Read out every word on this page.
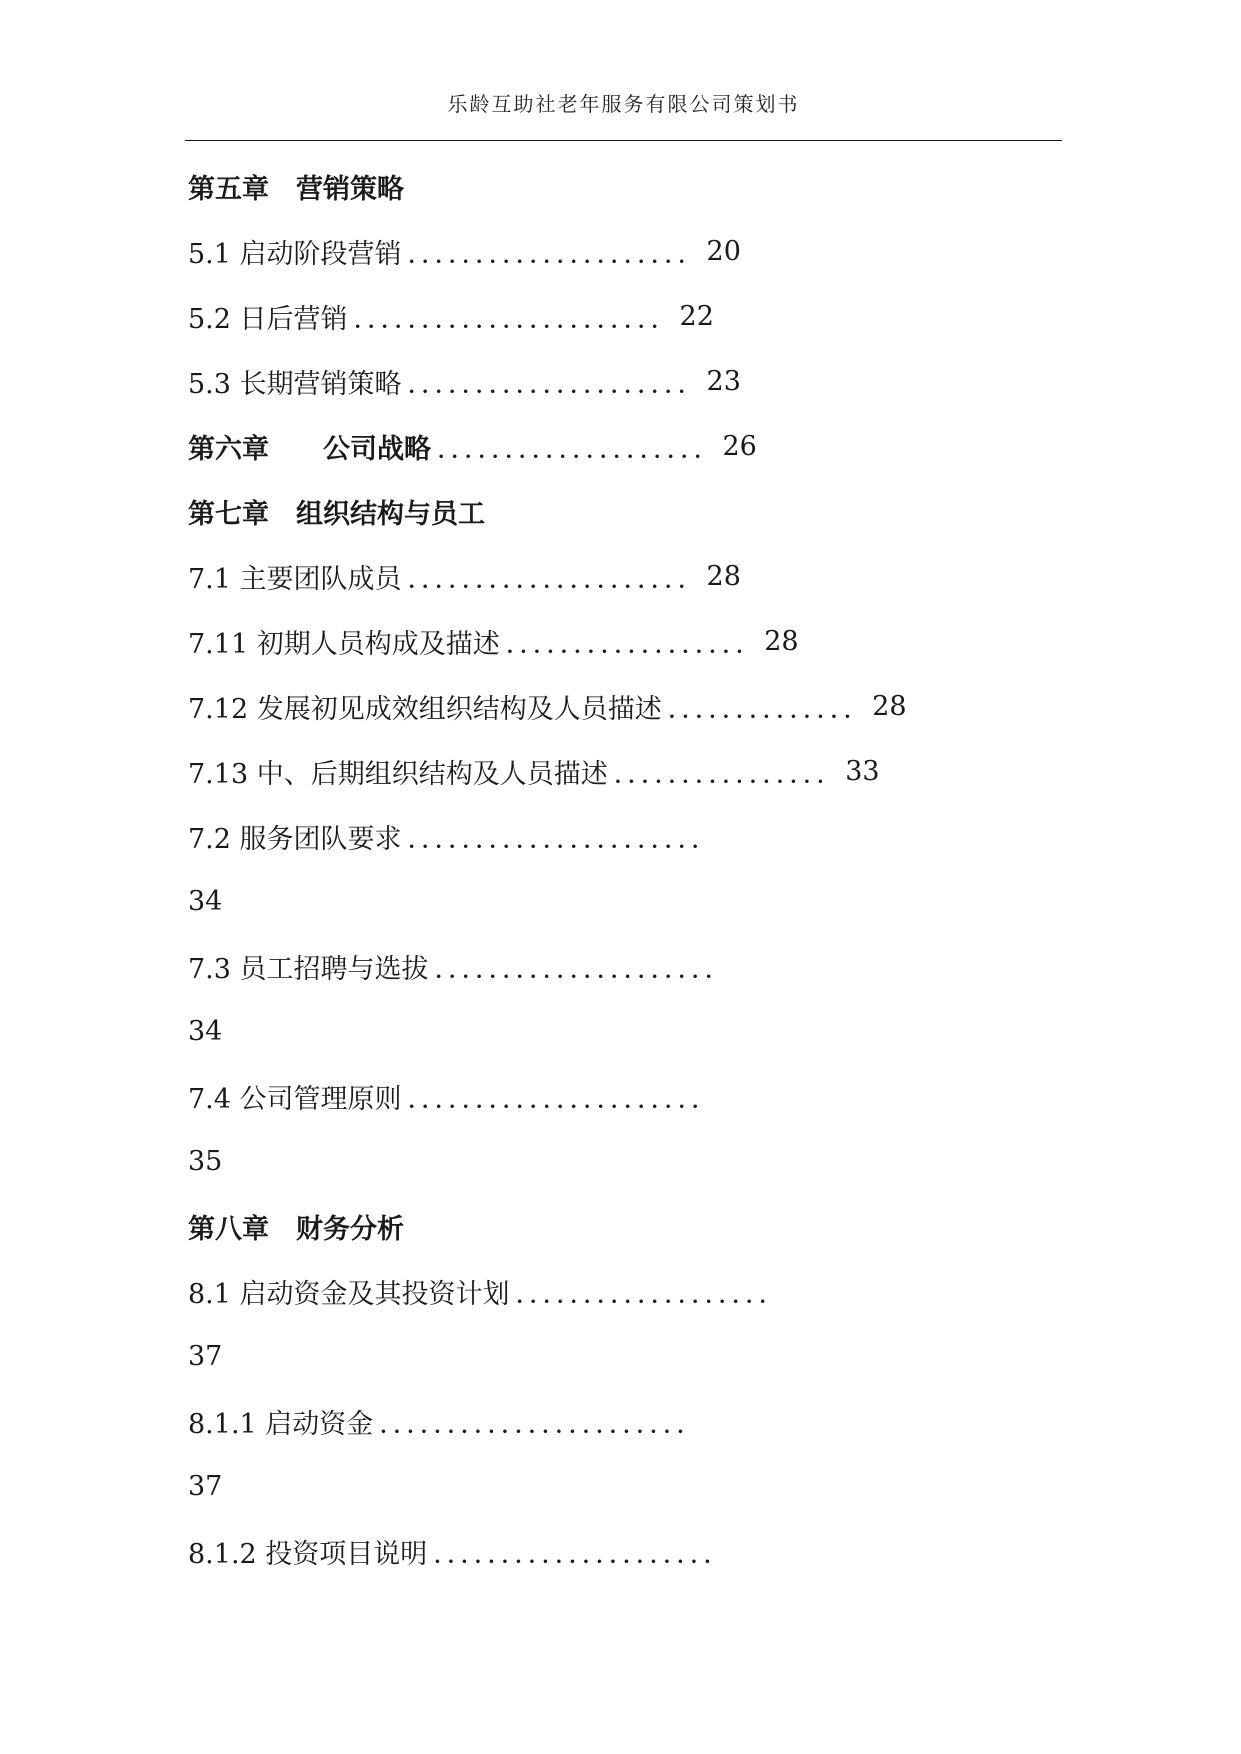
乐龄互助社老年服务有限公司策划书
第五章　营销策略
5.1 启动阶段营销 ．．．．．．．．．．．．．．．．．．．．． 20
5.2 日后营销 ．．．．．．．．．．．．．．．．．．．．．．． 22
5.3 长期营销策略 ．．．．．．．．．．．．．．．．．．．．． 23
第六章　　公司战略 ．．．．．．．．．．．．．．．．．．．． 26
第七章　组织结构与员工
7.1 主要团队成员 ．．．．．．．．．．．．．．．．．．．．． 28
7.11 初期人员构成及描述 ．．．．．．．．．．．．．．．．．． 28
7.12 发展初见成效组织结构及人员描述 ．．．．．．．．．．．．．． 28
7.13 中、后期组织结构及人员描述 ．．．．．．．．．．．．．．．． 33
7.2 服务团队要求 ．．．．．．．．．．．．．．．．．．．．．．
34
7.3 员工招聘与选拔 ．．．．．．．．．．．．．．．．．．．．．
34
7.4 公司管理原则 ．．．．．．．．．．．．．．．．．．．．．．
35
第八章　财务分析
8.1 启动资金及其投资计划 ．．．．．．．．．．．．．．．．．．．
37
8.1.1 启动资金 ．．．．．．．．．．．．．．．．．．．．．．．
37
8.1.2 投资项目说明 ．．．．．．．．．．．．．．．．．．．．．
